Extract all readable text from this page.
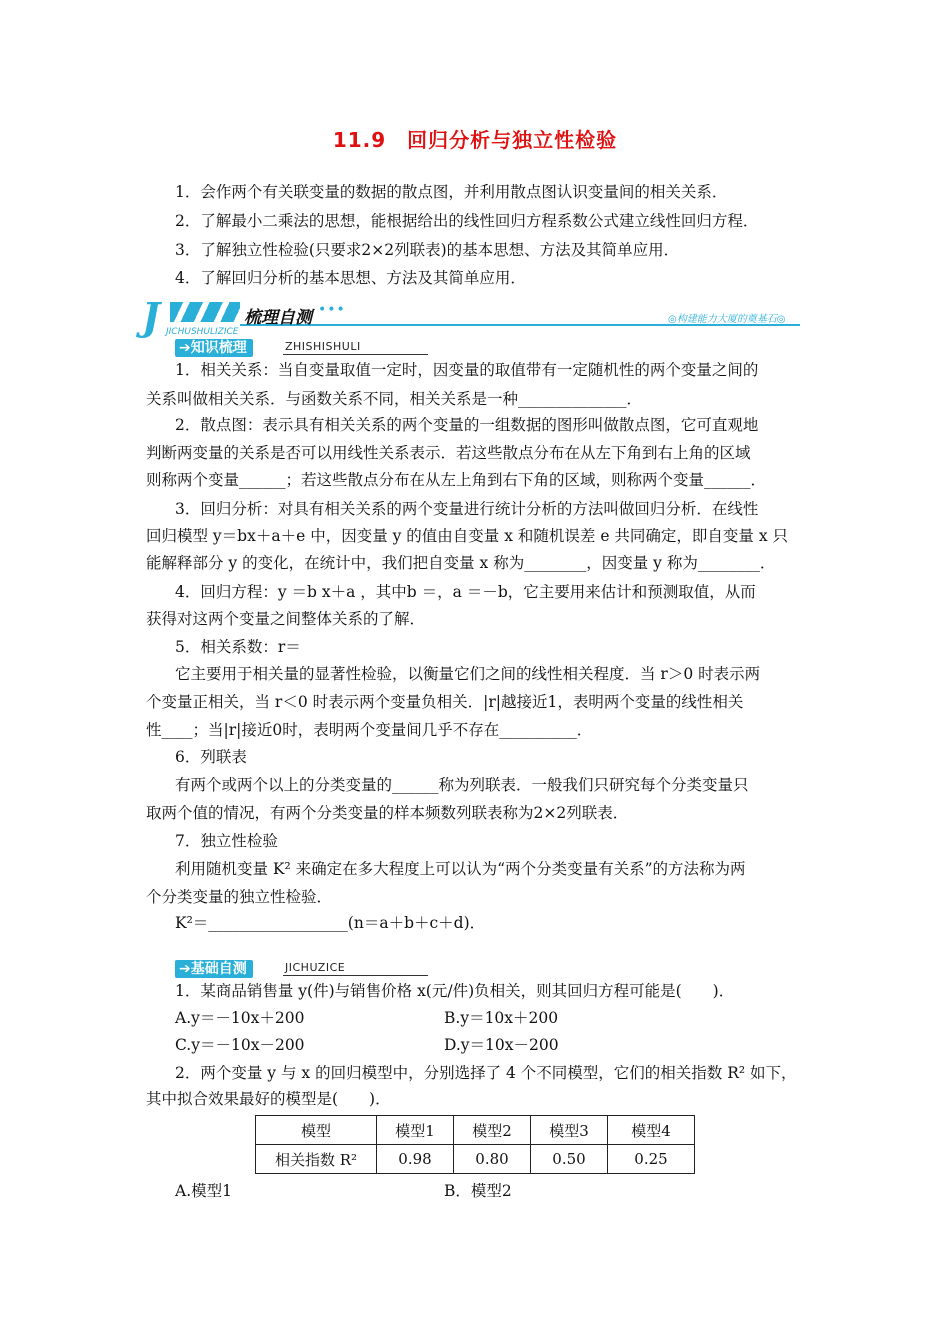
11.9　回归分析与独立性检验
1．会作两个有关联变量的数据的散点图，并利用散点图认识变量间的相关关系．
2．了解最小二乘法的思想，能根据给出的线性回归方程系数公式建立线性回归方程．
3．了解独立性检验(只要求2×2列联表)的基本思想、方法及其简单应用．
4．了解回归分析的基本思想、方法及其简单应用．
J	梳理自测 •••
JICHUSHULIZICE
◎构建能力大厦的奠基石◎
➔知识梳理	ZHISHISHULI
1．相关关系：当自变量取值一定时，因变量的取值带有一定随机性的两个变量之间的
关系叫做相关关系．与函数关系不同，相关关系是一种______________．
2．散点图：表示具有相关关系的两个变量的一组数据的图形叫做散点图，它可直观地
判断两变量的关系是否可以用线性关系表示．若这些散点分布在从左下角到右上角的区域
则称两个变量______；若这些散点分布在从左上角到右下角的区域，则称两个变量______．
3．回归分析：对具有相关关系的两个变量进行统计分析的方法叫做回归分析．在线性
回归模型 y＝bx＋a＋e 中，因变量 y 的值由自变量 x 和随机误差 e 共同确定，即自变量 x 只
能解释部分 y 的变化，在统计中，我们把自变量 x 称为________，因变量 y 称为________．
4．回归方程：y ＝b x＋a ，其中b ＝，a ＝－b，它主要用来估计和预测取值，从而
获得对这两个变量之间整体关系的了解．
5．相关系数：r＝
它主要用于相关量的显著性检验，以衡量它们之间的线性相关程度．当 r＞0 时表示两
个变量正相关，当 r＜0 时表示两个变量负相关．|r|越接近1，表明两个变量的线性相关
性____；当|r|接近0时，表明两个变量间几乎不存在__________．
6．列联表
有两个或两个以上的分类变量的______称为列联表．一般我们只研究每个分类变量只
取两个值的情况，有两个分类变量的样本频数列联表称为2×2列联表．
7．独立性检验
利用随机变量 K² 来确定在多大程度上可以认为“两个分类变量有关系”的方法称为两
个分类变量的独立性检验．
K²＝__________________(n＝a＋b＋c＋d)．
➔基础自测	JICHUZICE
1．某商品销售量 y(件)与销售价格 x(元/件)负相关，则其回归方程可能是(　　)．
A.y＝－10x＋200	B.y＝10x＋200
C.y＝－10x－200	D.y＝10x－200
2．两个变量 y 与 x 的回归模型中，分别选择了 4 个不同模型，它们的相关指数 R² 如下，
其中拟合效果最好的模型是(　　)．
模型	模型1	模型2	模型3	模型4
相关指数 R²	0.98	0.80	0.50	0.25
A.模型1	B．模型2
